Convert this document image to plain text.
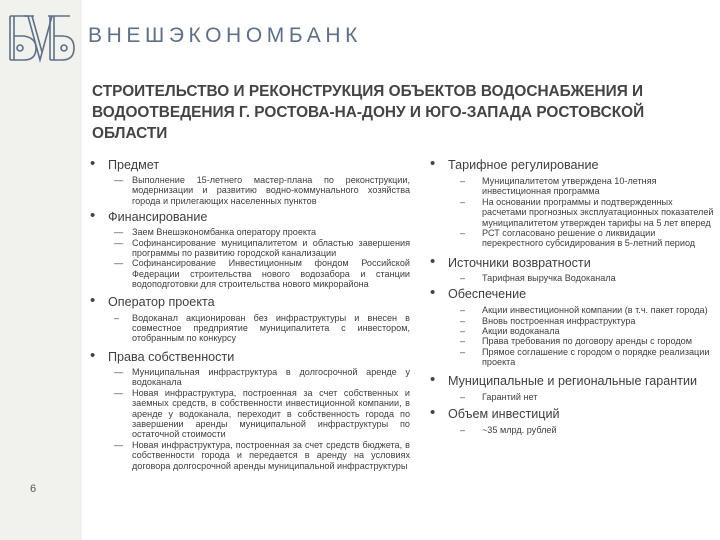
ВНЕШЭКОНОМБАНК
СТРОИТЕЛЬСТВО И РЕКОНСТРУКЦИЯ ОБЪЕКТОВ ВОДОСНАБЖЕНИЯ И ВОДООТВЕДЕНИЯ Г. РОСТОВА-НА-ДОНУ И ЮГО-ЗАПАДА РОСТОВСКОЙ ОБЛАСТИ
6
• Предмет

— Выполнение 15-летнего мастер-плана по реконструкции, модернизации и развитию водно-коммунального хозяйства города и прилегающих населенных пунктов
• Финансирование

— Заем Внешэкономбанка оператору проекта
— Софинансирование муниципалитетом и областью завершения программы по развитию городской канализации
— Софинансирование Инвестиционным фондом Российской Федерации строительства нового водозабора и станции водоподготовки для строительства нового микрорайона
• Оператор проекта

– Водоканал акционирован без инфраструктуры и внесен в совместное предприятие муниципалитета с инвестором, отобранным по конкурсу
• Права собственности

— Муниципальная инфраструктура в долгосрочной аренде у водоканала
— Новая инфраструктура, построенная за счет собственных и заемных средств, в собственности инвестиционной компании, в аренде у водоканала, переходит в собственность города по завершении аренды муниципальной инфраструктуры по остаточной стоимости
— Новая инфраструктура, построенная за счет средств бюджета, в собственности города и передается в аренду на условиях договора долгосрочной аренды муниципальной инфраструктуры
• Тарифное регулирование

– Муниципалитетом утверждена 10-летняя инвестиционная программа
– На основании программы и подтвержденных расчетами прогнозных эксплуатационных показателей муниципалитетом утвержден тарифы на 5 лет вперед
– РСТ согласовано решение о ликвидации перекрестного субсидирования в 5-летний период
• Источники возвратности

– Тарифная выручка Водоканала
• Обеспечение

– Акции инвестиционной компании (в т.ч. пакет города)
– Вновь построенная инфраструктура
– Акции водоканала
– Права требования по договору аренды с городом
– Прямое соглашение с городом о порядке реализации проекта
• Муниципальные и региональные гарантии

– Гарантий нет
• Объем инвестиций

– ~35 млрд. рублей
